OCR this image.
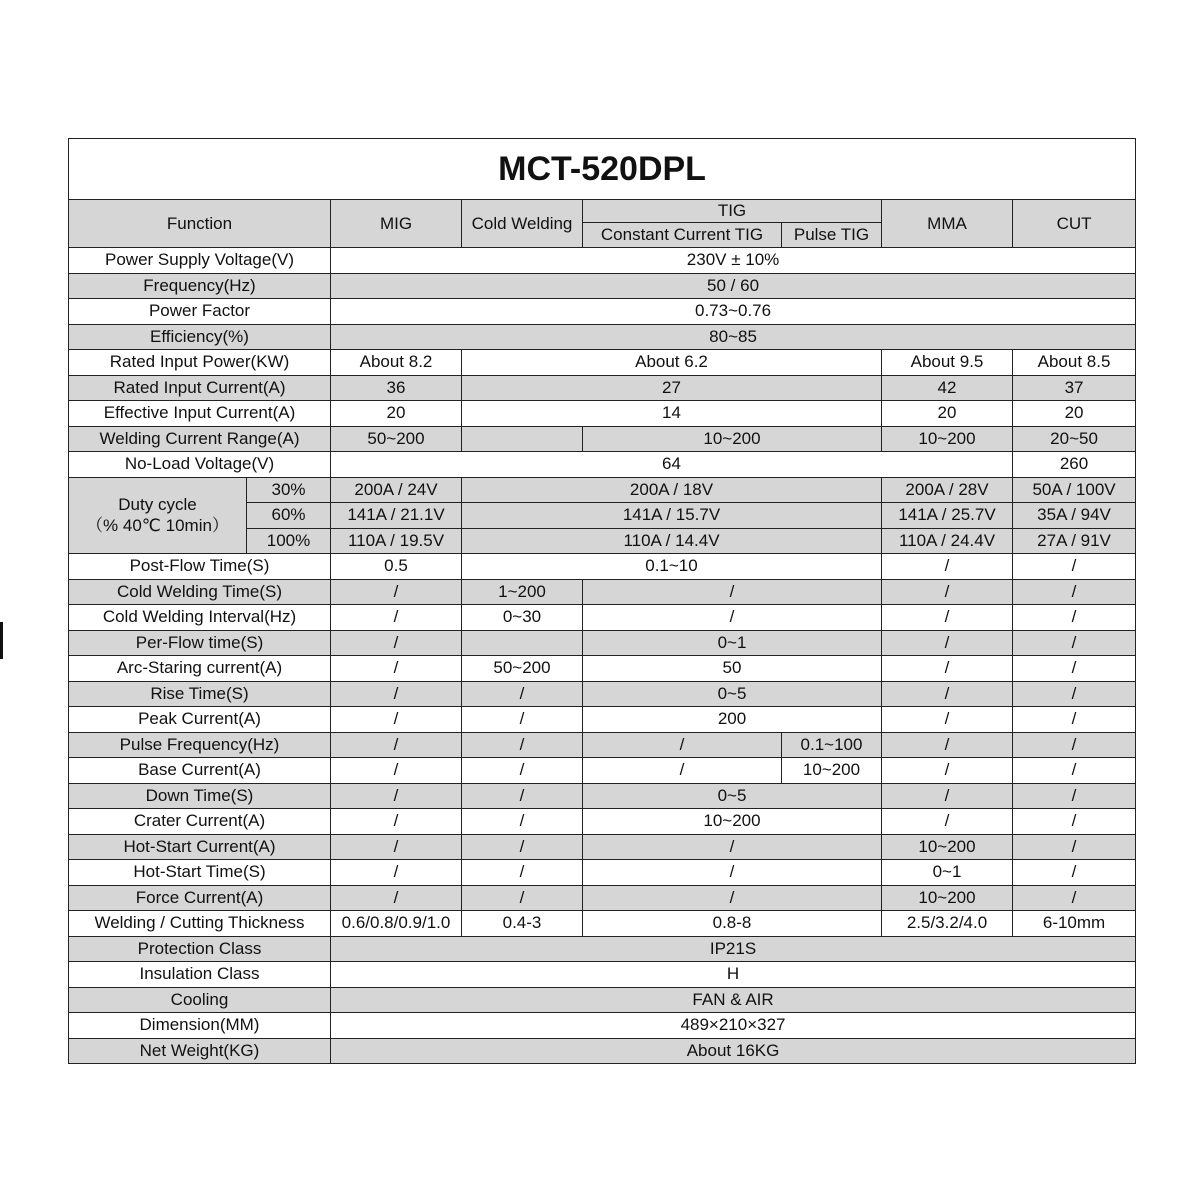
MCT-520DPL							
Function		MIG	Cold Welding	TIG		MMA	CUT
				Constant Current TIG	Pulse TIG		
Power Supply Voltage(V)		230V ± 10%					
Frequency(Hz)		50 / 60					
Power Factor		0.73~0.76					
Efficiency(%)		80~85					
Rated Input Power(KW)		About 8.2	About 6.2			About 9.5	About 8.5
Rated Input Current(A)		36	27			42	37
Effective Input Current(A)		20	14			20	20
Welding Current Range(A)		50~200		10~200		10~200	20~50
No-Load Voltage(V)		64					260
Duty cycle
（% 40℃ 10min）	30%	200A / 24V	200A / 18V			200A / 28V	50A / 100V
	60%	141A / 21.1V	141A / 15.7V			141A / 25.7V	35A / 94V
	100%	110A / 19.5V	110A / 14.4V			110A / 24.4V	27A / 91V
Post-Flow Time(S)		0.5	0.1~10			/	/
Cold Welding Time(S)		/	1~200	/		/	/
Cold Welding Interval(Hz)		/	0~30	/		/	/
Per-Flow time(S)		/		0~1		/	/
Arc-Staring current(A)		/	50~200	50		/	/
Rise Time(S)		/	/	0~5		/	/
Peak Current(A)		/	/	200		/	/
Pulse Frequency(Hz)		/	/	/	0.1~100	/	/
Base Current(A)		/	/	/	10~200	/	/
Down Time(S)		/	/	0~5		/	/
Crater Current(A)		/	/	10~200		/	/
Hot-Start Current(A)		/	/	/		10~200	/
Hot-Start Time(S)		/	/	/		0~1	/
Force Current(A)		/	/	/		10~200	/
Welding / Cutting Thickness		0.6/0.8/0.9/1.0	0.4-3	0.8-8		2.5/3.2/4.0	6-10mm
Protection Class		IP21S					
Insulation Class		H					
Cooling		FAN & AIR					
Dimension(MM)		489×210×327					
Net Weight(KG)		About 16KG					
